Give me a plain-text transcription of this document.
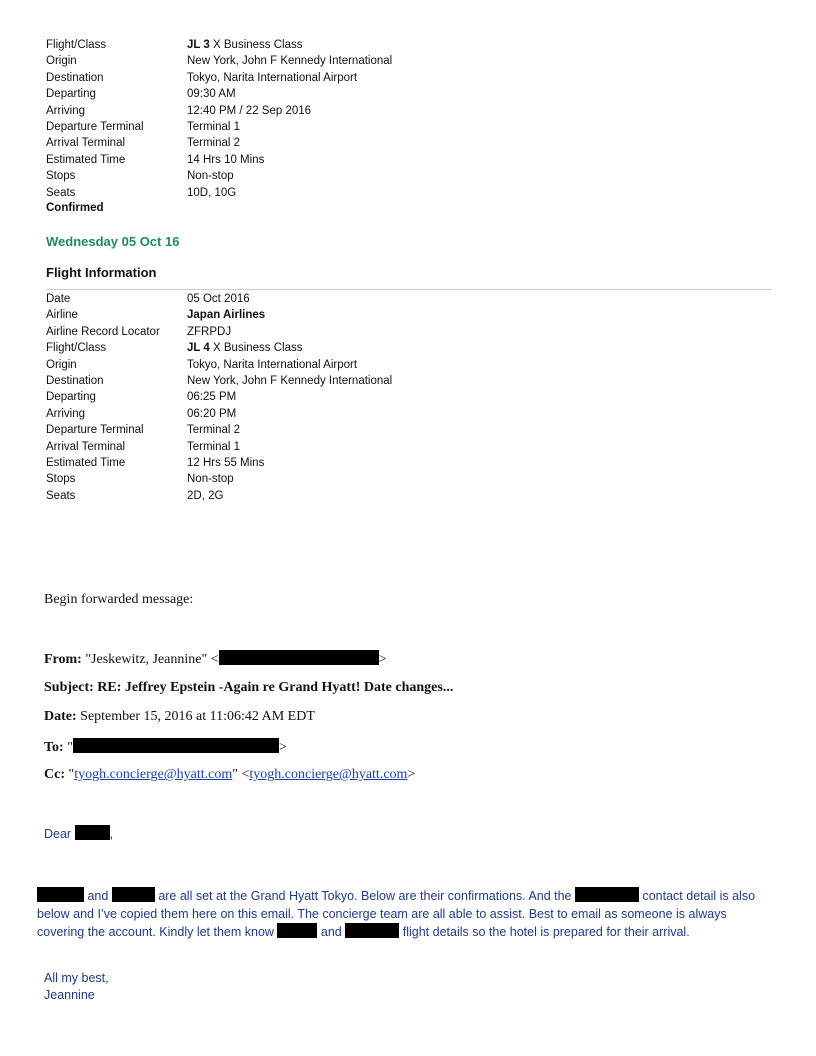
Flight/Class	JL 3 X Business Class
Origin	New York, John F Kennedy International
Destination	Tokyo, Narita International Airport
Departing	09:30 AM
Arriving	12:40 PM / 22 Sep 2016
Departure Terminal	Terminal 1
Arrival Terminal	Terminal 2
Estimated Time	14 Hrs 10 Mins
Stops	Non-stop
Seats	10D, 10G
Confirmed
Wednesday 05 Oct 16
Flight Information
Date	05 Oct 2016
Airline	Japan Airlines
Airline Record Locator	ZFRPDJ
Flight/Class	JL 4 X Business Class
Origin	Tokyo, Narita International Airport
Destination	New York, John F Kennedy International
Departing	06:25 PM
Arriving	06:20 PM
Departure Terminal	Terminal 2
Arrival Terminal	Terminal 1
Estimated Time	12 Hrs 55 Mins
Stops	Non-stop
Seats	2D, 2G
Begin forwarded message:
From: "Jeskewitz, Jeannine" <	>
Subject: RE: Jeffrey Epstein -Again re Grand Hyatt! Date changes...
Date: September 15, 2016 at 11:06:42 AM EDT
To: "	>
Cc: "tyogh.concierge@hyatt.com" <tyogh.concierge@hyatt.com>
Dear	,
and	are all set at the Grand Hyatt Tokyo. Below are their confirmations. And the	contact detail is also below and I’ve copied them here on this email. The concierge team are all able to assist. Best to email as someone is always covering the account. Kindly let them know	and	flight details so the hotel is prepared for their arrival.
All my best,
Jeannine
